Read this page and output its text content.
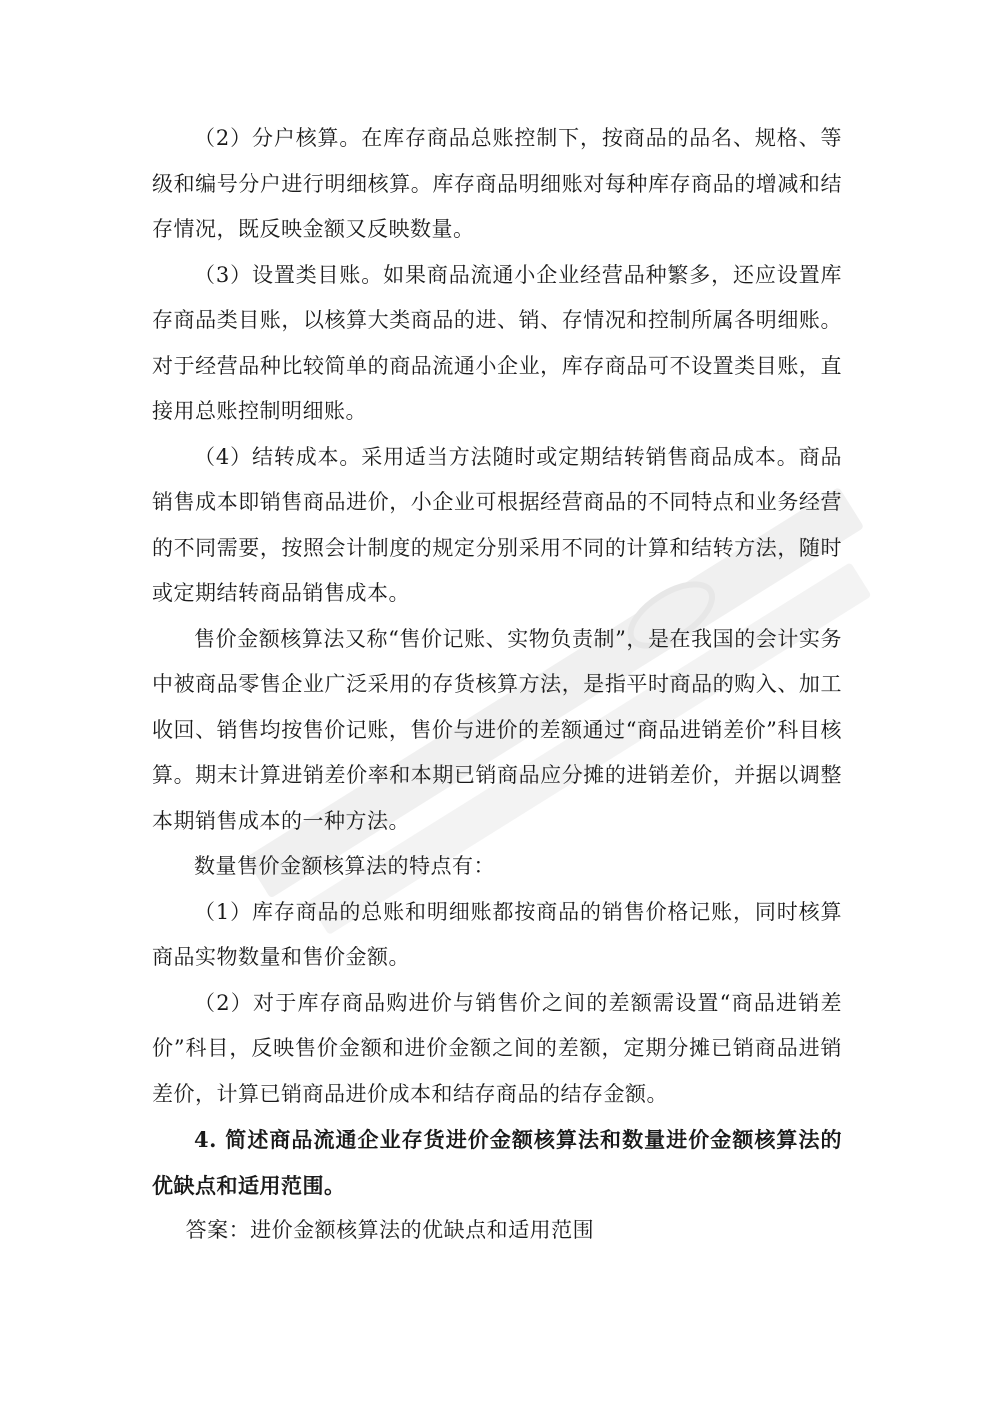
（2）分户核算。在库存商品总账控制下，按商品的品名、规格、等级和编号分户进行明细核算。库存商品明细账对每种库存商品的增减和结存情况，既反映金额又反映数量。

（3）设置类目账。如果商品流通小企业经营品种繁多，还应设置库存商品类目账，以核算大类商品的进、销、存情况和控制所属各明细账。对于经营品种比较简单的商品流通小企业，库存商品可不设置类目账，直接用总账控制明细账。

（4）结转成本。采用适当方法随时或定期结转销售商品成本。商品销售成本即销售商品进价，小企业可根据经营商品的不同特点和业务经营的不同需要，按照会计制度的规定分别采用不同的计算和结转方法，随时或定期结转商品销售成本。

售价金额核算法又称“售价记账、实物负责制”，是在我国的会计实务中被商品零售企业广泛采用的存货核算方法，是指平时商品的购入、加工收回、销售均按售价记账，售价与进价的差额通过“商品进销差价”科目核算。期末计算进销差价率和本期已销商品应分摊的进销差价，并据以调整本期销售成本的一种方法。

数量售价金额核算法的特点有：

（1）库存商品的总账和明细账都按商品的销售价格记账，同时核算商品实物数量和售价金额。

（2）对于库存商品购进价与销售价之间的差额需设置“商品进销差价”科目，反映售价金额和进价金额之间的差额，定期分摊已销商品进销差价，计算已销商品进价成本和结存商品的结存金额。

4. 简述商品流通企业存货进价金额核算法和数量进价金额核算法的优缺点和适用范围。

答案：进价金额核算法的优缺点和适用范围
